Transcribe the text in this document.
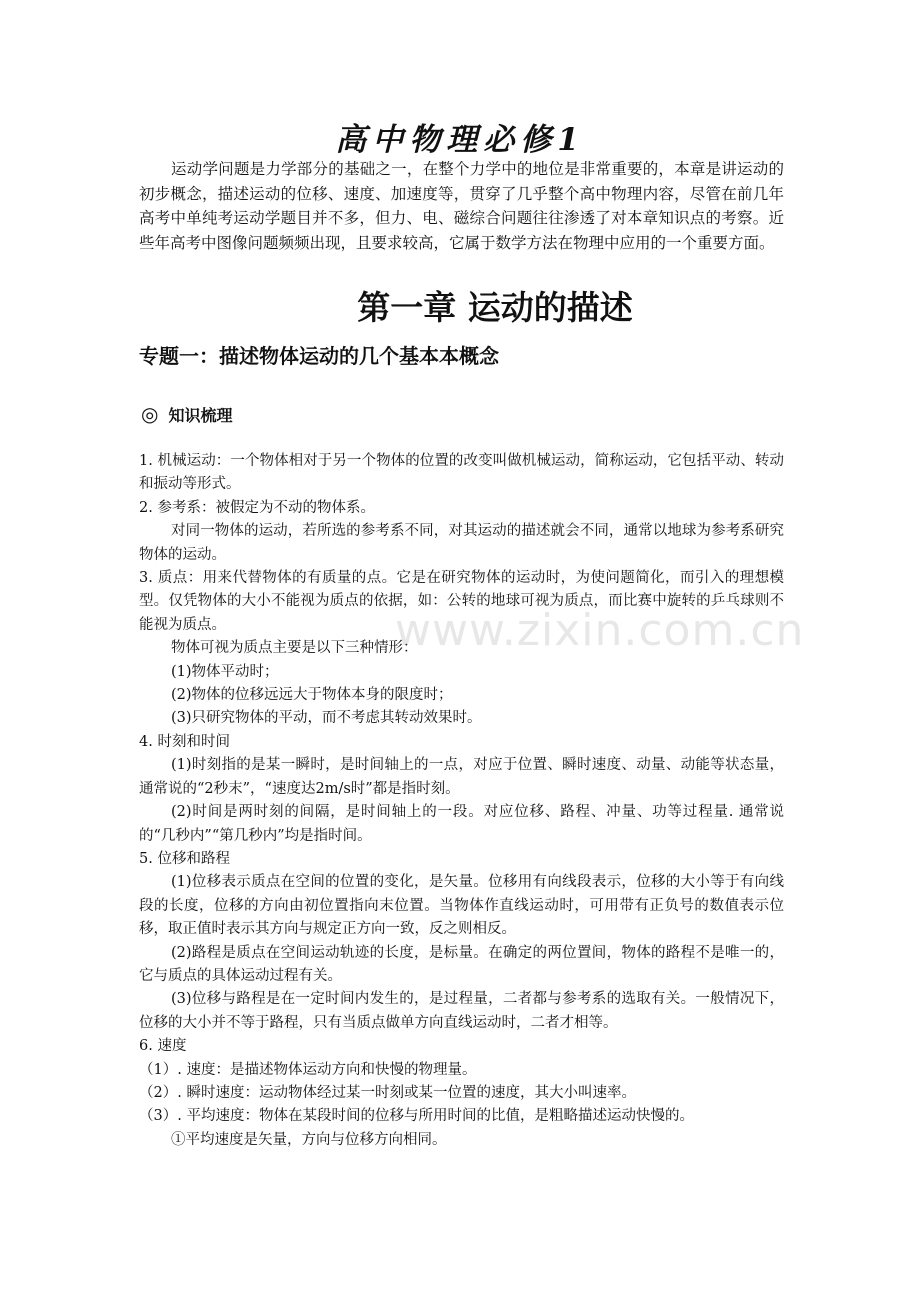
高中物理必修1

运动学问题是力学部分的基础之一，在整个力学中的地位是非常重要的，本章是讲运动的初步概念，描述运动的位移、速度、加速度等，贯穿了几乎整个高中物理内容，尽管在前几年高考中单纯考运动学题目并不多，但力、电、磁综合问题往往渗透了对本章知识点的考察。近些年高考中图像问题频频出现，且要求较高，它属于数学方法在物理中应用的一个重要方面。

第一章 运动的描述
专题一：描述物体运动的几个基本本概念
◎ 知识梳理

1. 机械运动：一个物体相对于另一个物体的位置的改变叫做机械运动，简称运动，它包括平动、转动和振动等形式。

2. 参考系：被假定为不动的物体系。

对同一物体的运动，若所选的参考系不同，对其运动的描述就会不同，通常以地球为参考系研究物体的运动。

3. 质点：用来代替物体的有质量的点。它是在研究物体的运动时，为使问题简化，而引入的理想模型。仅凭物体的大小不能视为质点的依据，如：公转的地球可视为质点，而比赛中旋转的乒乓球则不能视为质点。

物体可视为质点主要是以下三种情形：

(1)物体平动时；

(2)物体的位移远远大于物体本身的限度时；

(3)只研究物体的平动，而不考虑其转动效果时。

4. 时刻和时间

(1)时刻指的是某一瞬时，是时间轴上的一点，对应于位置、瞬时速度、动量、动能等状态量，通常说的“2秒末”，“速度达2m/s时”都是指时刻。

(2)时间是两时刻的间隔，是时间轴上的一段。对应位移、路程、冲量、功等过程量. 通常说的“几秒内”“第几秒内”均是指时间。

5. 位移和路程

(1)位移表示质点在空间的位置的变化，是矢量。位移用有向线段表示，位移的大小等于有向线段的长度，位移的方向由初位置指向末位置。当物体作直线运动时，可用带有正负号的数值表示位移，取正值时表示其方向与规定正方向一致，反之则相反。

(2)路程是质点在空间运动轨迹的长度，是标量。在确定的两位置间，物体的路程不是唯一的，它与质点的具体运动过程有关。

(3)位移与路程是在一定时间内发生的，是过程量，二者都与参考系的选取有关。一般情况下，位移的大小并不等于路程，只有当质点做单方向直线运动时，二者才相等。

6. 速度

（1）. 速度：是描述物体运动方向和快慢的物理量。

（2）. 瞬时速度：运动物体经过某一时刻或某一位置的速度，其大小叫速率。

（3）. 平均速度：物体在某段时间的位移与所用时间的比值，是粗略描述运动快慢的。

①平均速度是矢量，方向与位移方向相同。

www.zixin.com.cn
